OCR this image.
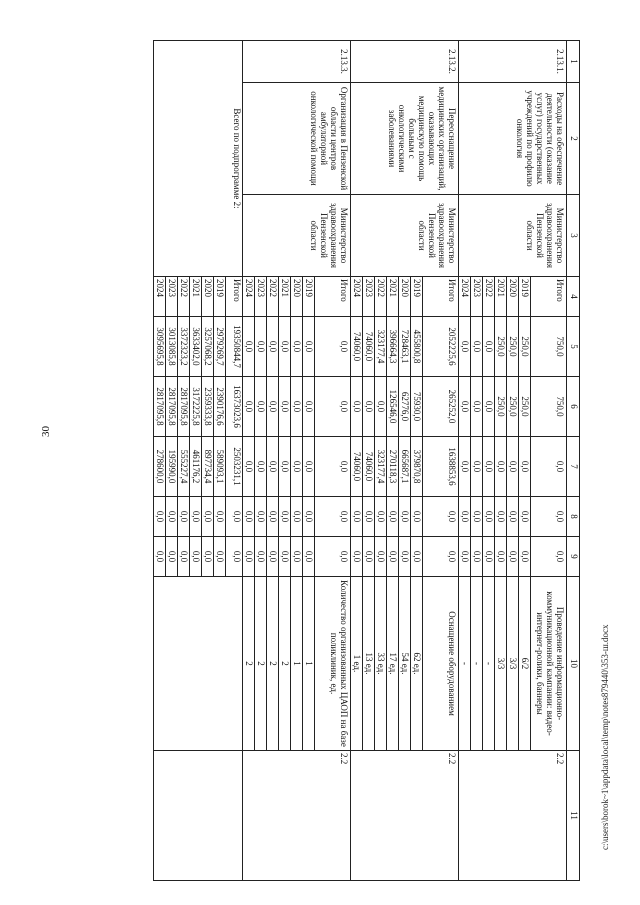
30
1	2	3	4	5	6	7	8	9	10	11
2.13.1.	Расходы на обеспечение деятельности (оказание услуг) государственных учреждений по профилю онкология	Министерство здравоохранения Пензенской области	Итого	750,0	750,0	0,0	0,0	0,0	Проведение информационно-коммуникационной кампании: видео-интернет-ролики, баннеры	2.2
			2019	250,0	250,0	0,0	0,0	0,0	6/2	
			2020	250,0	250,0	0,0	0,0	0,0	3/3	
			2021	250,0	250,0	0,0	0,0	0,0	3/3	
			2022	0,0	0,0	0,0	0,0	0,0	-	
			2023	0,0	0,0	0,0	0,0	0,0	-	
			2024	0,0	0,0	0,0	0,0	0,0	-	
2.13.2.	Переоснащение медицинских организаций, оказывающих медицинскую помощь больным с онкологическими заболеваниями	Министерство здравоохранения Пензенской области	Итого	2052225,6	265252,0	1638853,6	0,0	0,0	Оснащение оборудованием	2.2
			2019	455800,8	75930,0	379870,8	0,0	0,0	62 ед.	
			2020	728463,1	62776,0	665687,1	0,0	0,0	54 ед.	
			2021	396664,3	126546,0	270118,3	0,0	0,0	17 ед.	
			2022	323177,4	0,0	323177,4	0,0	0,0	33 ед.	
			2023	74060,0	0,0	74060,0	0,0	0,0	13 ед.	
			2024	74060,0	0,0	74060,0	0,0	0,0	1 ед.	
2.13.3.	Организация в Пензенской области центров амбулаторной онкологической помощи	Министерство здравоохранения Пензенской области	Итого	0,0	0,0	0,0	0,0	0,0	Количество организованных ЦАОП на базе поликлиник, ед.	2.2
			2019	0,0	0,0	0,0	0,0	0,0	1	
			2020	0,0	0,0	0,0	0,0	0,0	1	
			2021	0,0	0,0	0,0	0,0	0,0	2	
			2022	0,0	0,0	0,0	0,0	0,0	2	
			2023	0,0	0,0	0,0	0,0	0,0	2	
			2024	0,0	0,0	0,0	0,0	0,0	2	
Всего по подпрограмме 2:			Итого	19350844,7	16373023,6	2503231,1	0,0	0,0		
			2019	2979269,7	2390176,6	589093,1	0,0	0,0		
			2020	3257068,2	2359333,8	897734,4	0,0	0,0		
			2021	3633402,0	3172225,8	461176,2	0,0	0,0		
			2022	3372323,2	2817095,8	555227,4	0,0	0,0		
			2023	3013085,8	2817095,8	195990,0	0,0	0,0		
			2024	3095695,8	2817095,8	278600,0	0,0	0,0		
c:\users\borok~1\appdata\local\temp\notes879440\353-ш.docx
